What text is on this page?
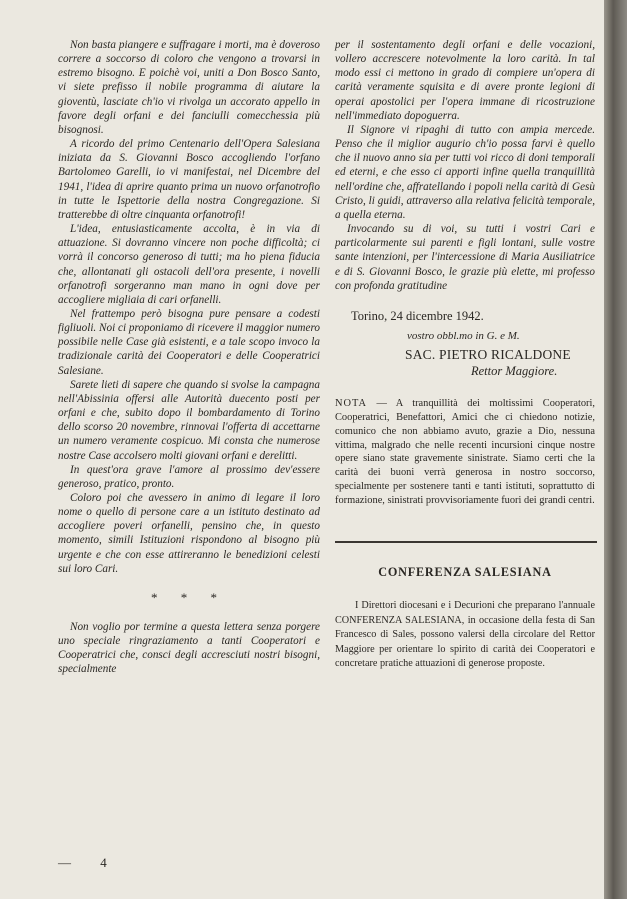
Non basta piangere e suffragare i morti, ma è doveroso correre a soccorso di coloro che vengono a trovarsi in estremo bisogno. E poichè voi, uniti a Don Bosco Santo, vi siete prefisso il nobile programma di aiutare la gioventù, lasciate ch'io vi rivolga un accorato appello in favore degli orfani e dei fanciulli comecchessia più bisognosi.

A ricordo del primo Centenario dell'Opera Salesiana iniziata da S. Giovanni Bosco accogliendo l'orfano Bartolomeo Garelli, io vi manifestai, nel Dicembre del 1941, l'idea di aprire quanto prima un nuovo orfanotrofio in tutte le Ispettorie della nostra Congregazione. Si tratterebbe di oltre cinquanta orfanotrofi!

L'idea, entusiasticamente accolta, è in via di attuazione. Si dovranno vincere non poche difficoltà; ci vorrà il concorso generoso di tutti; ma ho piena fiducia che, allontanati gli ostacoli dell'ora presente, i novelli orfanotrofi sorgeranno man mano in ogni dove per accogliere migliaia di cari orfanelli.

Nel frattempo però bisogna pure pensare a codesti figliuoli. Noi ci proponiamo di ricevere il maggior numero possibile nelle Case già esistenti, e a tale scopo invoco la tradizionale carità dei Cooperatori e delle Cooperatrici Salesiane.

Sarete lieti di sapere che quando si svolse la campagna nell'Abissinia offersi alle Autorità duecento posti per orfani e che, subito dopo il bombardamento di Torino dello scorso 20 novembre, rinnovai l'offerta di accettarne un numero veramente cospicuo. Mi consta che numerose nostre Case accolsero molti giovani orfani e derelitti.

In quest'ora grave l'amore al prossimo dev'essere generoso, pratico, pronto.

Coloro poi che avessero in animo di legare il loro nome o quello di persone care a un istituto destinato ad accogliere poveri orfanelli, pensino che, in questo momento, simili Istituzioni rispondono al bisogno più urgente e che con esse attireranno le benedizioni celesti sui loro Cari.

* * *

Non voglio por termine a questa lettera senza porgere uno speciale ringraziamento a tanti Cooperatori e Cooperatrici che, consci degli accresciuti nostri bisogni, specialmente

per il sostentamento degli orfani e delle vocazioni, vollero accrescere notevolmente la loro carità. In tal modo essi ci mettono in grado di compiere un'opera di carità veramente squisita e di avere pronte legioni di operai apostolici per l'opera immane di ricostruzione nell'immediato dopoguerra.

Il Signore vi ripaghi di tutto con ampia mercede. Penso che il miglior augurio ch'io possa farvi è quello che il nuovo anno sia per tutti voi ricco di doni temporali ed eterni, e che esso ci apporti infine quella tranquillità nell'ordine che, affratellando i popoli nella carità di Gesù Cristo, li guidi, attraverso alla relativa felicità temporale, a quella eterna.

Invocando su di voi, su tutti i vostri Cari e particolarmente sui parenti e figli lontani, sulle vostre sante intenzioni, per l'intercessione di Maria Ausiliatrice e di S. Giovanni Bosco, le grazie più elette, mi professo con profonda gratitudine

Torino, 24 dicembre 1942.
vostro obbl.mo in G. e M.
SAC. PIETRO RICALDONE
Rettor Maggiore.

NOTA — A tranquillità dei moltissimi Cooperatori, Cooperatrici, Benefattori, Amici che ci chiedono notizie, comunico che non abbiamo avuto, grazie a Dio, nessuna vittima, malgrado che nelle recenti incursioni cinque nostre opere siano state gravemente sinistrate. Siamo certi che la carità dei buoni verrà generosa in nostro soccorso, specialmente per sostenere tanti e tanti istituti, soprattutto di formazione, sinistrati provvisoriamente fuori dei grandi centri.

CONFERENZA SALESIANA

I Direttori diocesani e i Decurioni che preparano l'annuale CONFERENZA SALESIANA, in occasione della festa di San Francesco di Sales, possono valersi della circolare del Rettor Maggiore per orientare lo spirito di carità dei Cooperatori e concretare pratiche attuazioni di generose proposte.

— 4
